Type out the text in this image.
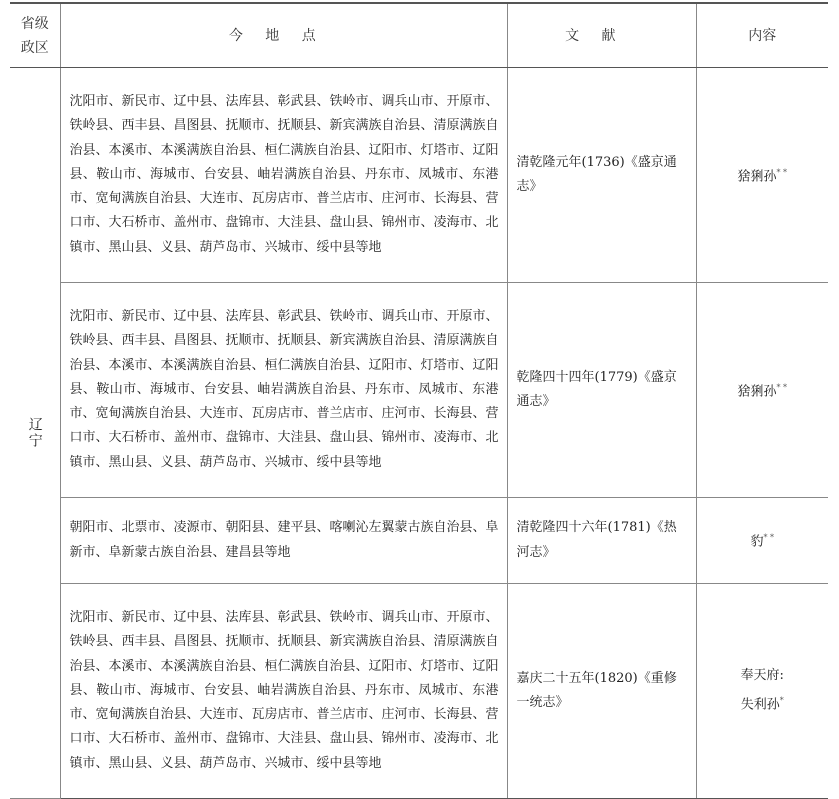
省级政区	今地点	文献	内容
辽宁	沈阳市、新民市、辽中县、法库县、彰武县、铁岭市、调兵山市、开原市、铁岭县、西丰县、昌图县、抚顺市、抚顺县、新宾满族自治县、清原满族自治县、本溪市、本溪满族自治县、桓仁满族自治县、辽阳市、灯塔市、辽阳县、鞍山市、海城市、台安县、岫岩满族自治县、丹东市、凤城市、东港市、宽甸满族自治县、大连市、瓦房店市、普兰店市、庄河市、长海县、营口市、大石桥市、盖州市、盘锦市、大洼县、盘山县、锦州市、凌海市、北镇市、黑山县、义县、葫芦岛市、兴城市、绥中县等地	清乾隆元年(1736)《盛京通志》	猞猁孙* *
	沈阳市、新民市、辽中县、法库县、彰武县、铁岭市、调兵山市、开原市、铁岭县、西丰县、昌图县、抚顺市、抚顺县、新宾满族自治县、清原满族自治县、本溪市、本溪满族自治县、桓仁满族自治县、辽阳市、灯塔市、辽阳县、鞍山市、海城市、台安县、岫岩满族自治县、丹东市、凤城市、东港市、宽甸满族自治县、大连市、瓦房店市、普兰店市、庄河市、长海县、营口市、大石桥市、盖州市、盘锦市、大洼县、盘山县、锦州市、凌海市、北镇市、黑山县、义县、葫芦岛市、兴城市、绥中县等地	乾隆四十四年(1779)《盛京通志》	猞猁孙* *
	朝阳市、北票市、凌源市、朝阳县、建平县、喀喇沁左翼蒙古族自治县、阜新市、阜新蒙古族自治县、建昌县等地	清乾隆四十六年(1781)《热河志》	豹* *
	沈阳市、新民市、辽中县、法库县、彰武县、铁岭市、调兵山市、开原市、铁岭县、西丰县、昌图县、抚顺市、抚顺县、新宾满族自治县、清原满族自治县、本溪市、本溪满族自治县、桓仁满族自治县、辽阳市、灯塔市、辽阳县、鞍山市、海城市、台安县、岫岩满族自治县、丹东市、凤城市、东港市、宽甸满族自治县、大连市、瓦房店市、普兰店市、庄河市、长海县、营口市、大石桥市、盖州市、盘锦市、大洼县、盘山县、锦州市、凌海市、北镇市、黑山县、义县、葫芦岛市、兴城市、绥中县等地	嘉庆二十五年(1820)《重修一统志》	奉天府:
失利孙*
